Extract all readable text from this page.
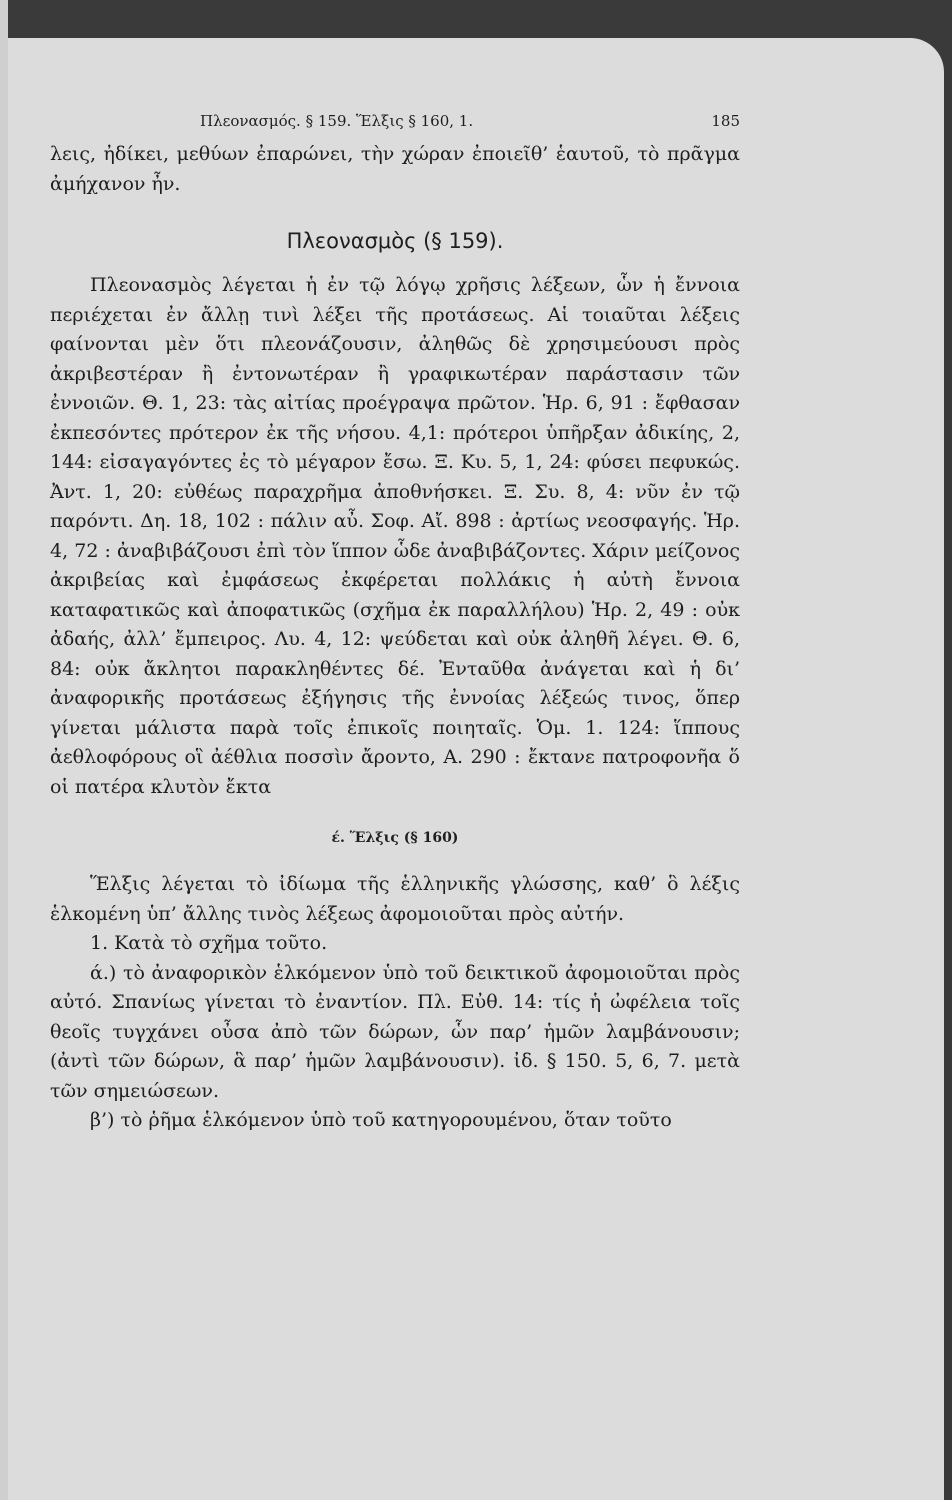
Πλεονασμός. § 159. Ἕλξις § 160, 1.	185

λεις, ἠδίκει, μεθύων ἐπαρώνει, τὴν χώραν ἐποιεῖθ’ ἑαυτοῦ, τὸ πρᾶγμα ἀμήχανον ἦν.

Πλεονασμὸς (§ 159).

Πλεονασμὸς λέγεται ἡ ἐν τῷ λόγῳ χρῆσις λέξεων, ὧν ἡ ἔννοια περιέχεται ἐν ἄλλῃ τινὶ λέξει τῆς προτάσεως. Αἱ τοιαῦται λέξεις φαίνονται μὲν ὅτι πλεονάζουσιν, ἀληθῶς δὲ χρησιμεύουσι πρὸς ἀκριβεστέραν ἢ ἐντονωτέραν ἢ γραφικωτέραν παράστασιν τῶν ἐννοιῶν. Θ. 1, 23: τὰς αἰτίας προέγραψα πρῶτον. Ἡρ. 6, 91 : ἔφθασαν ἐκπεσόντες πρότερον ἐκ τῆς νήσου. 4,1: πρότεροι ὑπῆρξαν ἀδικίης, 2, 144: εἰσαγαγόντες ἐς τὸ μέγαρον ἔσω. Ξ. Κυ. 5, 1, 24: φύσει πεφυκώς. Ἀντ. 1, 20: εὐθέως παραχρῆμα ἀποθνήσκει. Ξ. Συ. 8, 4: νῦν ἐν τῷ παρόντι. Δη. 18, 102 : πάλιν αὖ. Σοφ. Αἴ. 898 : ἀρτίως νεοσφαγής. Ἡρ. 4, 72 : ἀναβιβάζουσι ἐπὶ τὸν ἵππον ὧδε ἀναβιβάζοντες. Χάριν μείζονος ἀκριβείας καὶ ἐμφάσεως ἐκφέρεται πολλάκις ἡ αὐτὴ ἔννοια καταφατικῶς καὶ ἀποφατικῶς (σχῆμα ἐκ παραλλήλου) Ἡρ. 2, 49 : οὐκ ἀδαής, ἀλλ’ ἔμπειρος. Λυ. 4, 12: ψεύδεται καὶ οὐκ ἀληθῆ λέγει. Θ. 6, 84: οὐκ ἄκλητοι παρακληθέντες δέ. Ἐνταῦθα ἀνάγεται καὶ ἡ δι’ ἀναφορικῆς προτάσεως ἐξήγησις τῆς ἐννοίας λέξεώς τινος, ὅπερ γίνεται μάλιστα παρὰ τοῖς ἐπικοῖς ποιηταῖς. Ὁμ. 1. 124: ἵππους ἀεθλοφόρους οἳ ἀέθλια ποσσὶν ἄροντο, Α. 290 : ἔκτανε πατροφονῆα ὅ οἱ πατέρα κλυτὸν ἔκτα

έ. Ἕλξις (§ 160)

Ἕλξις λέγεται τὸ ἰδίωμα τῆς ἑλληνικῆς γλώσσης, καθ’ ὃ λέξις ἑλκομένη ὑπ’ ἄλλης τινὸς λέξεως ἀφομοιοῦται πρὸς αὐτήν.

1. Κατὰ τὸ σχῆμα τοῦτο.

ά.) τὸ ἀναφορικὸν ἑλκόμενον ὑπὸ τοῦ δεικτικοῦ ἀφομοιοῦται πρὸς αὐτό. Σπανίως γίνεται τὸ ἐναντίον. Πλ. Εὐθ. 14: τίς ἡ ὠφέλεια τοῖς θεοῖς τυγχάνει οὖσα ἀπὸ τῶν δώρων, ὧν παρ’ ἡμῶν λαμβάνουσιν; (ἀντὶ τῶν δώρων, ἃ παρ’ ἡμῶν λαμβάνουσιν). ἰδ. § 150. 5, 6, 7. μετὰ τῶν σημειώσεων.

β’) τὸ ῥῆμα ἑλκόμενον ὑπὸ τοῦ κατηγορουμένου, ὅταν τοῦτο
